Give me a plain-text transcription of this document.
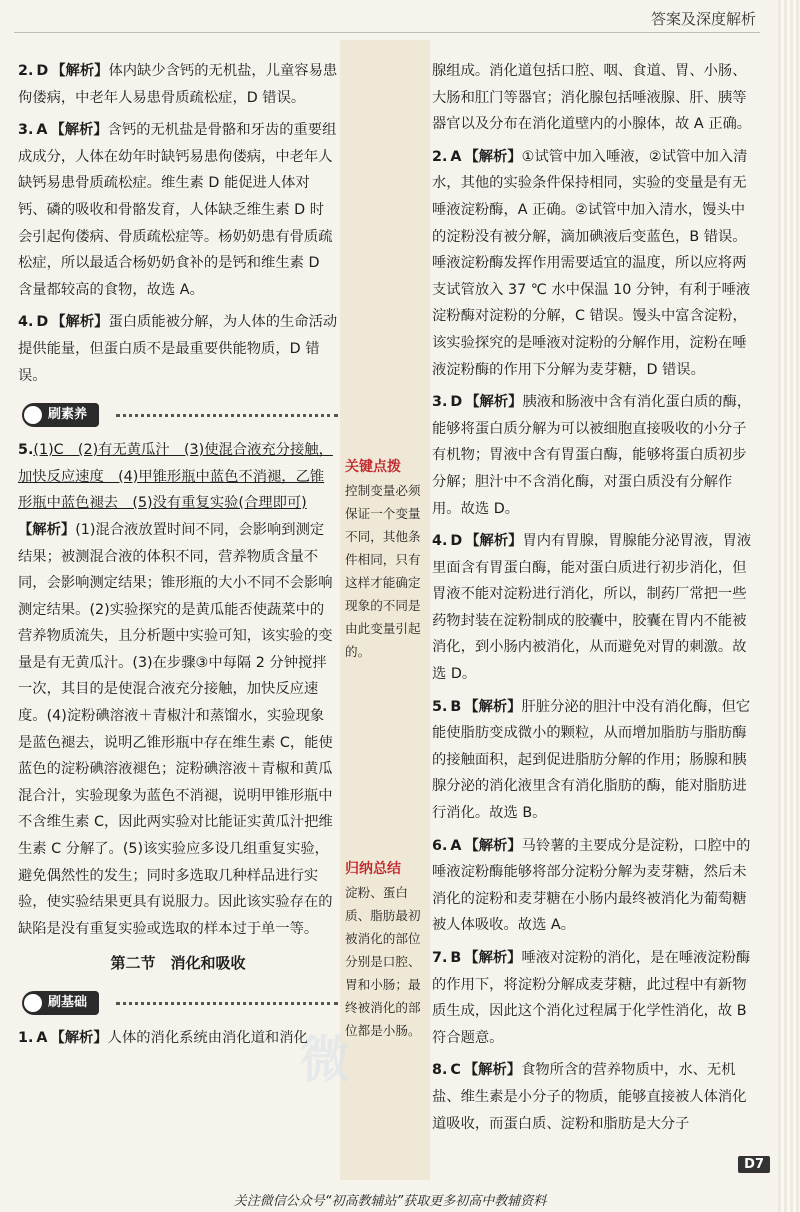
答案及深度解析
微
2. D 【解析】体内缺少含钙的无机盐，儿童容易患佝偻病，中老年人易患骨质疏松症，D 错误。
3. A 【解析】含钙的无机盐是骨骼和牙齿的重要组成成分，人体在幼年时缺钙易患佝偻病，中老年人缺钙易患骨质疏松症。维生素 D 能促进人体对钙、磷的吸收和骨骼发育，人体缺乏维生素 D 时会引起佝偻病、骨质疏松症等。杨奶奶患有骨质疏松症，所以最适合杨奶奶食补的是钙和维生素 D 含量都较高的食物，故选 A。
4. D 【解析】蛋白质能被分解，为人体的生命活动提供能量，但蛋白质不是最重要供能物质，D 错误。
刷素养
5.(1)C　(2)有无黄瓜汁　(3)使混合液充分接触，加快反应速度　(4)甲锥形瓶中蓝色不消褪，乙锥形瓶中蓝色褪去　(5)没有重复实验(合理即可)
【解析】(1)混合液放置时间不同，会影响到测定结果；被测混合液的体积不同，营养物质含量不同，会影响测定结果；锥形瓶的大小不同不会影响测定结果。(2)实验探究的是黄瓜能否使蔬菜中的营养物质流失，且分析题中实验可知，该实验的变量是有无黄瓜汁。(3)在步骤③中每隔 2 分钟搅拌一次，其目的是使混合液充分接触，加快反应速度。(4)淀粉碘溶液＋青椒汁和蒸馏水，实验现象是蓝色褪去，说明乙锥形瓶中存在维生素 C，能使蓝色的淀粉碘溶液褪色；淀粉碘溶液＋青椒和黄瓜混合汁，实验现象为蓝色不消褪，说明甲锥形瓶中不含维生素 C，因此两实验对比能证实黄瓜汁把维生素 C 分解了。(5)该实验应多设几组重复实验，避免偶然性的发生；同时多选取几种样品进行实验，使实验结果更具有说服力。因此该实验存在的缺陷是没有重复实验或选取的样本过于单一等。
第二节　消化和吸收
刷基础
1. A 【解析】人体的消化系统由消化道和消化
关键点拨
控制变量必须保证一个变量不同，其他条件相同，只有这样才能确定现象的不同是由此变量引起的。
归纳总结
淀粉、蛋白质、脂肪最初被消化的部位分别是口腔、胃和小肠；最终被消化的部位都是小肠。
腺组成。消化道包括口腔、咽、食道、胃、小肠、大肠和肛门等器官；消化腺包括唾液腺、肝、胰等器官以及分布在消化道壁内的小腺体，故 A 正确。
2. A 【解析】①试管中加入唾液，②试管中加入清水，其他的实验条件保持相同，实验的变量是有无唾液淀粉酶，A 正确。②试管中加入清水，馒头中的淀粉没有被分解，滴加碘液后变蓝色，B 错误。唾液淀粉酶发挥作用需要适宜的温度，所以应将两支试管放入 37 ℃ 水中保温 10 分钟，有利于唾液淀粉酶对淀粉的分解，C 错误。馒头中富含淀粉，该实验探究的是唾液对淀粉的分解作用，淀粉在唾液淀粉酶的作用下分解为麦芽糖，D 错误。
3. D 【解析】胰液和肠液中含有消化蛋白质的酶，能够将蛋白质分解为可以被细胞直接吸收的小分子有机物；胃液中含有胃蛋白酶，能够将蛋白质初步分解；胆汁中不含消化酶，对蛋白质没有分解作用。故选 D。
4. D 【解析】胃内有胃腺，胃腺能分泌胃液，胃液里面含有胃蛋白酶，能对蛋白质进行初步消化，但胃液不能对淀粉进行消化，所以，制药厂常把一些药物封装在淀粉制成的胶囊中，胶囊在胃内不能被消化，到小肠内被消化，从而避免对胃的刺激。故选 D。
5. B 【解析】肝脏分泌的胆汁中没有消化酶，但它能使脂肪变成微小的颗粒，从而增加脂肪与脂肪酶的接触面积，起到促进脂肪分解的作用；肠腺和胰腺分泌的消化液里含有消化脂肪的酶，能对脂肪进行消化。故选 B。
6. A 【解析】马铃薯的主要成分是淀粉，口腔中的唾液淀粉酶能够将部分淀粉分解为麦芽糖，然后未消化的淀粉和麦芽糖在小肠内最终被消化为葡萄糖被人体吸收。故选 A。
7. B 【解析】唾液对淀粉的消化，是在唾液淀粉酶的作用下，将淀粉分解成麦芽糖，此过程中有新物质生成，因此这个消化过程属于化学性消化，故 B 符合题意。
8. C 【解析】食物所含的营养物质中，水、无机盐、维生素是小分子的物质，能够直接被人体消化道吸收，而蛋白质、淀粉和脂肪是大分子
D7
关注微信公众号“初高教辅站”获取更多初高中教辅资料
